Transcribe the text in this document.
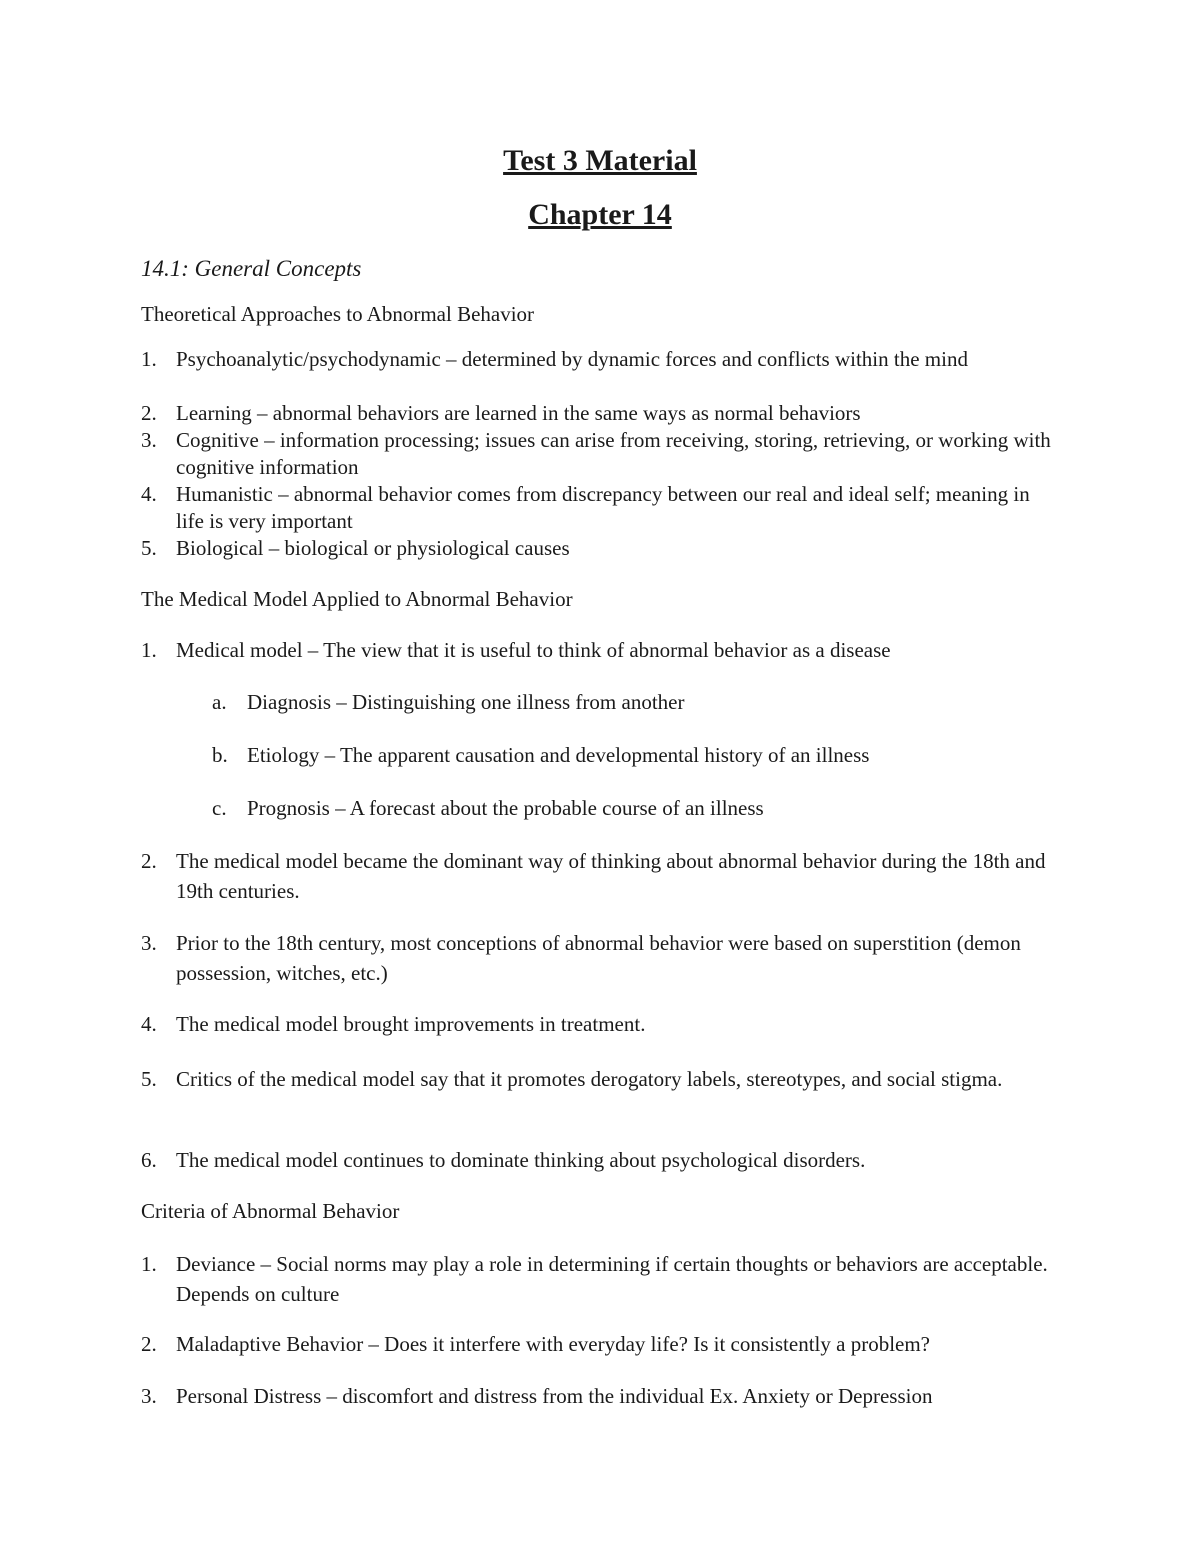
Test 3 Material
Chapter 14
14.1: General Concepts
Theoretical Approaches to Abnormal Behavior
1. Psychoanalytic/psychodynamic – determined by dynamic forces and conflicts within the mind
2. Learning – abnormal behaviors are learned in the same ways as normal behaviors
3. Cognitive – information processing; issues can arise from receiving, storing, retrieving, or working with cognitive information
4. Humanistic – abnormal behavior comes from discrepancy between our real and ideal self; meaning in life is very important
5. Biological – biological or physiological causes
The Medical Model Applied to Abnormal Behavior
1. Medical model – The view that it is useful to think of abnormal behavior as a disease
a. Diagnosis – Distinguishing one illness from another
b. Etiology – The apparent causation and developmental history of an illness
c. Prognosis – A forecast about the probable course of an illness
2. The medical model became the dominant way of thinking about abnormal behavior during the 18th and 19th centuries.
3. Prior to the 18th century, most conceptions of abnormal behavior were based on superstition (demon possession, witches, etc.)
4. The medical model brought improvements in treatment.
5. Critics of the medical model say that it promotes derogatory labels, stereotypes, and social stigma.
6. The medical model continues to dominate thinking about psychological disorders.
Criteria of Abnormal Behavior
1. Deviance – Social norms may play a role in determining if certain thoughts or behaviors are acceptable. Depends on culture
2. Maladaptive Behavior – Does it interfere with everyday life? Is it consistently a problem?
3. Personal Distress – discomfort and distress from the individual Ex. Anxiety or Depression
